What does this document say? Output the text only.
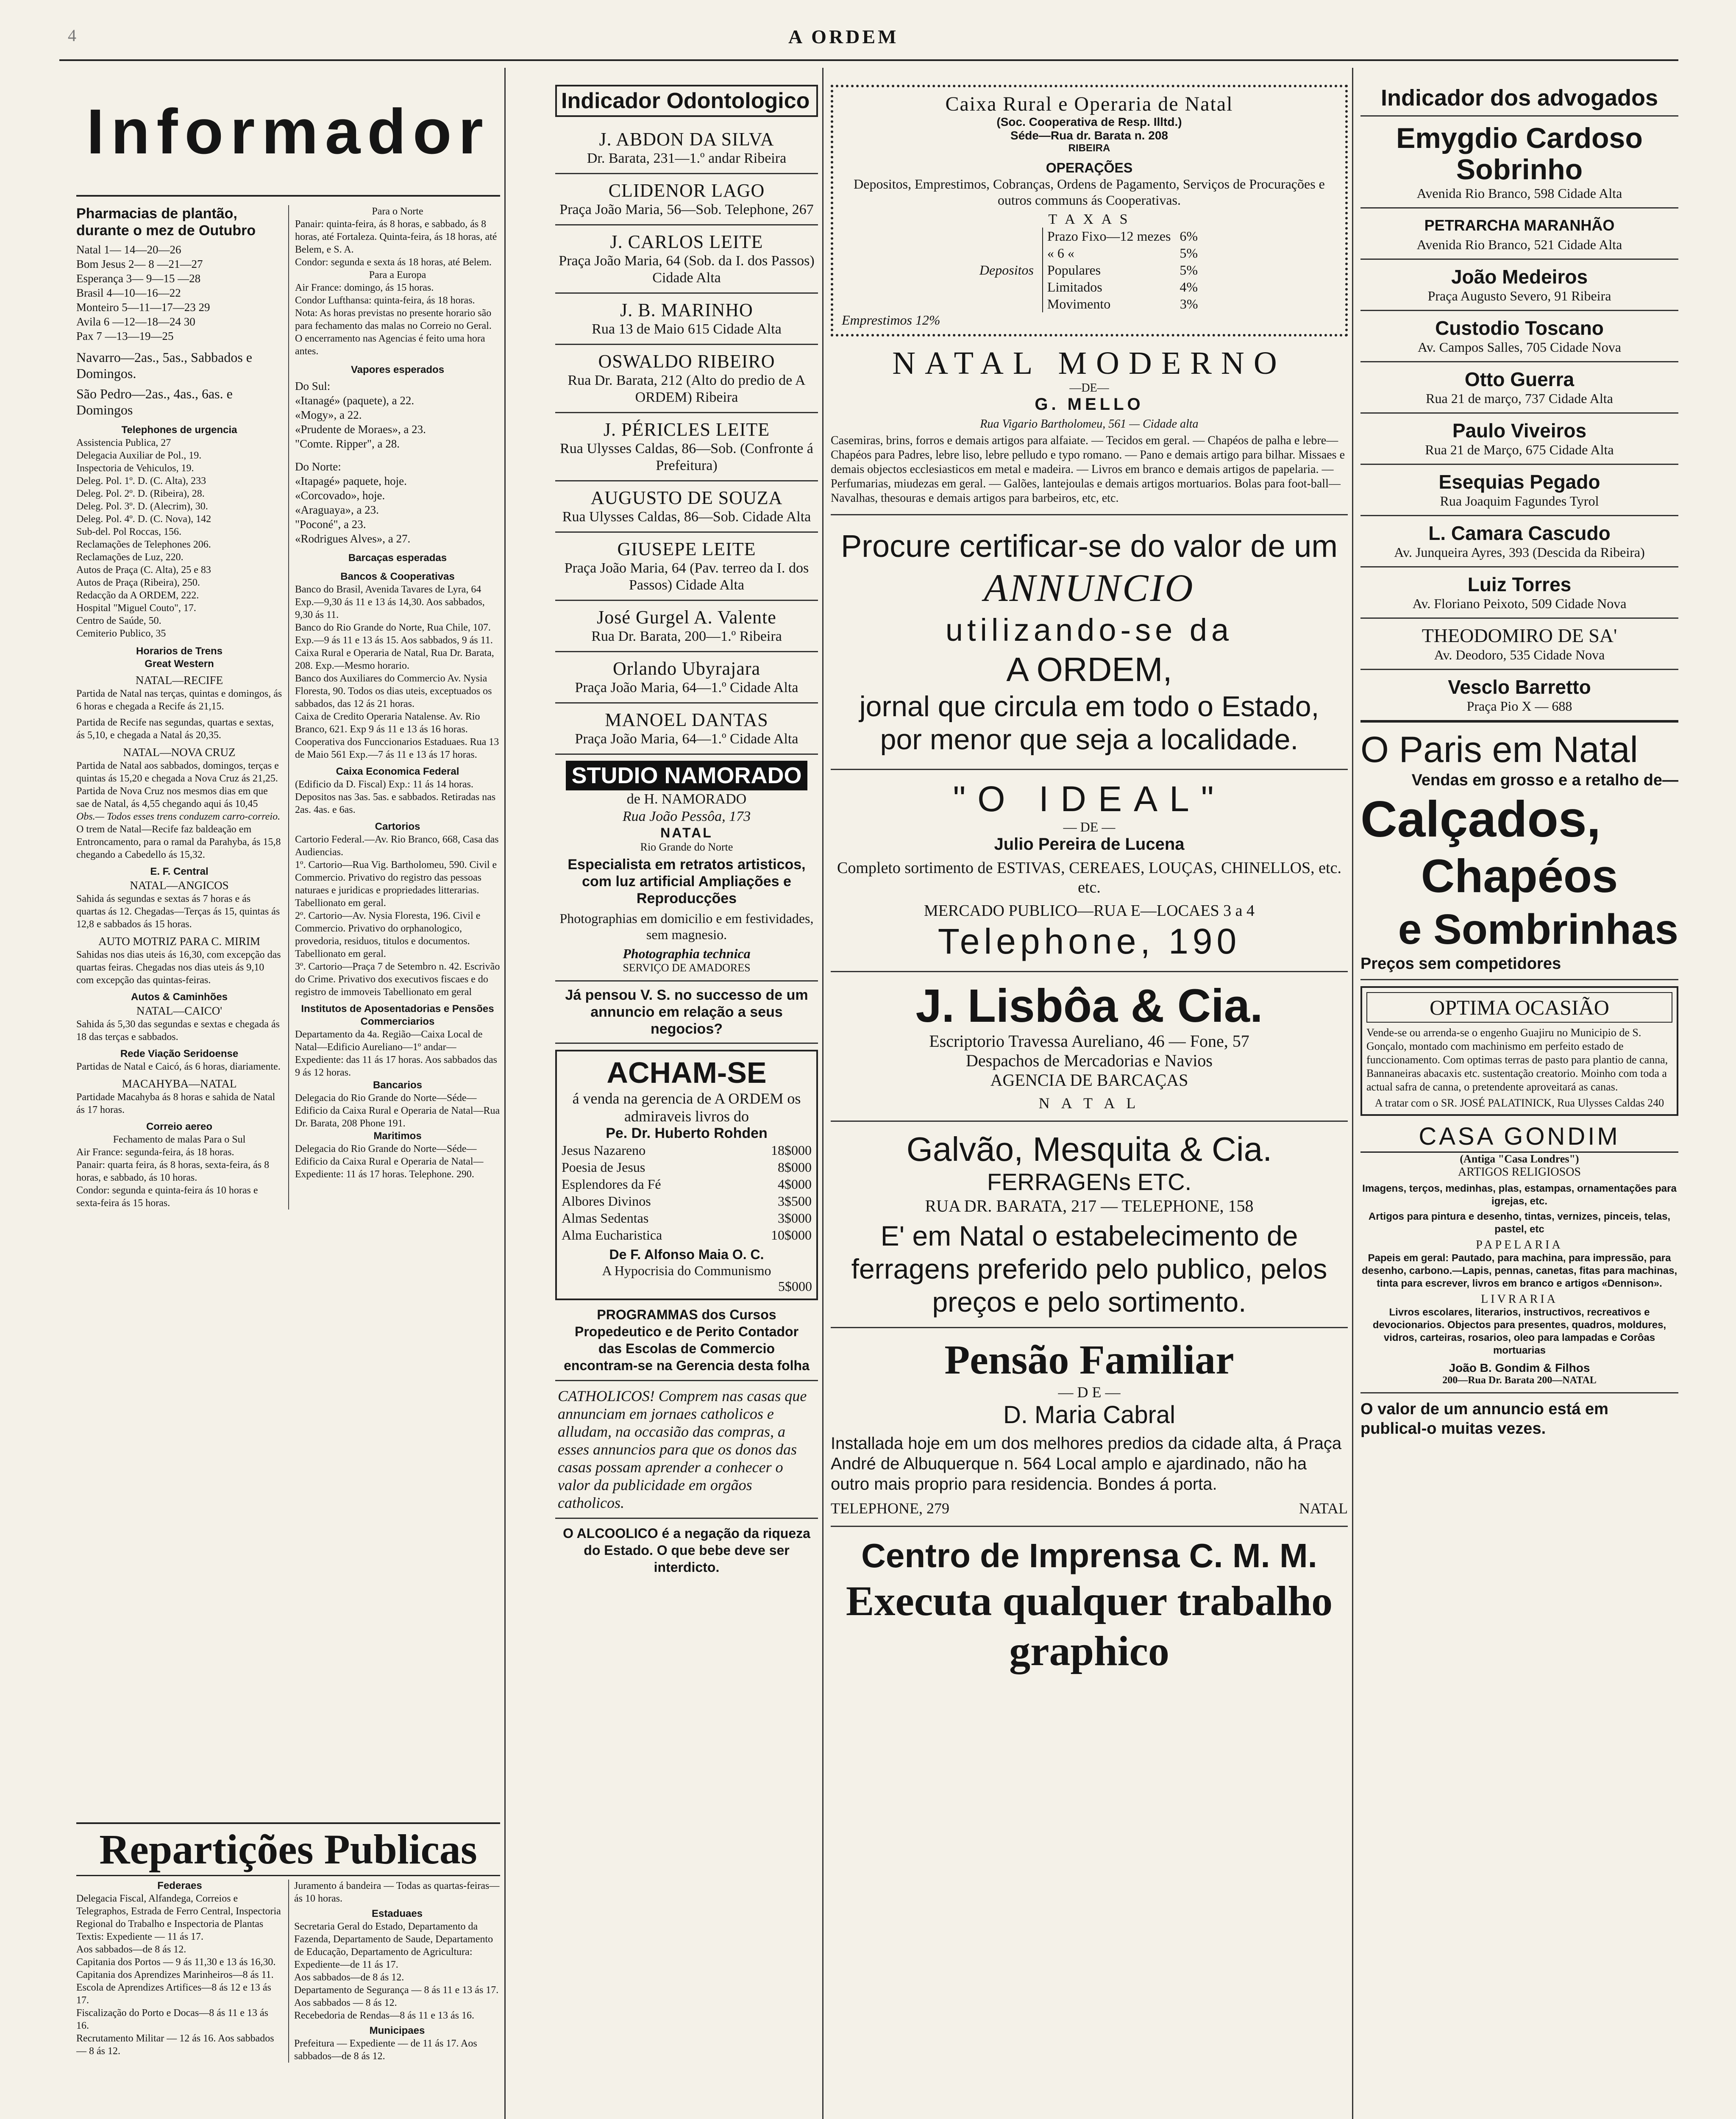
4	A ORDEM
Informador

Pharmacias de plantão, durante o mez de Outubro

Natal 1— 14—20—26
Bom Jesus 2— 8 —21—27
Esperança 3— 9—15 —28
Brasil 4—10—16—22
Monteiro 5—11—17—23 29
Avila 6 —12—18—24 30
Pax 7 —13—19—25

Navarro—2as., 5as., Sabbados e Domingos.

São Pedro—2as., 4as., 6as. e Domingos

Telephones de urgencia

Assistencia Publica, 27
Delegacia Auxiliar de Pol., 19.
Inspectoria de Vehiculos, 19.
Deleg. Pol. 1º. D. (C. Alta), 233
Deleg. Pol. 2º. D. (Ribeira), 28.
Deleg. Pol. 3º. D. (Alecrim), 30.
Deleg. Pol. 4º. D. (C. Nova), 142
Sub-del. Pol Roccas, 156.
Reclamações de Telephones 206.
Reclamações de Luz, 220.
Autos de Praça (C. Alta), 25 e 83
Autos de Praça (Ribeira), 250.
Redacção da A ORDEM, 222.
Hospital "Miguel Couto", 17.
Centro de Saúde, 50.
Cemiterio Publico, 35

Horarios de Trens

Great Western

NATAL—RECIFE

Partida de Natal nas terças, quintas e domingos, ás 6 horas e chegada a Recife ás 21,15.

Partida de Recife nas segundas, quartas e sextas, ás 5,10, e chegada a Natal ás 20,35.

NATAL—NOVA CRUZ

Partida de Natal aos sabbados, domingos, terças e quintas ás 15,20 e chegada a Nova Cruz ás 21,25. Partida de Nova Cruz nos mesmos dias em que sae de Natal, ás 4,55 chegando aqui ás 10,45

Obs.— Todos esses trens conduzem carro-correio.

O trem de Natal—Recife faz baldeação em Entroncamento, para o ramal da Parahyba, ás 15,8 chegando a Cabedello ás 15,32.

E. F. Central

NATAL—ANGICOS

Sahida ás segundas e sextas ás 7 horas e ás quartas ás 12. Chegadas—Terças ás 15, quintas ás 12,8 e sabbados ás 15 horas.

AUTO MOTRIZ PARA C. MIRIM

Sahidas nos dias uteis ás 16,30, com excepção das quartas feiras. Chegadas nos dias uteis ás 9,10 com excepção das quintas-feiras.

Autos & Caminhões

NATAL—CAICO'

Sahida ás 5,30 das segundas e sextas e chegada ás 18 das terças e sabbados.

Rede Viação Seridoense

Partidas de Natal e Caicó, ás 6 horas, diariamente.

MACAHYBA—NATAL

Partidade Macahyba ás 8 horas e sahida de Natal ás 17 horas.

Correio aereo

Fechamento de malas Para o Sul

Air France: segunda-feira, ás 18 horas.

Panair: quarta feira, ás 8 horas, sexta-feira, ás 8 horas, e sabbado, ás 10 horas.

Condor: segunda e quinta-feira ás 10 horas e sexta-feira ás 15 horas.

Para o Norte

Panair: quinta-feira, ás 8 horas, e sabbado, ás 8 horas, até Fortaleza. Quinta-feira, ás 18 horas, até Belem, e S. A.

Condor: segunda e sexta ás 18 horas, até Belem.

Para a Europa

Air France: domingo, ás 15 horas.

Condor Lufthansa: quinta-feira, ás 18 horas.

Nota: As horas previstas no presente horario são para fechamento das malas no Correio no Geral. O encerramento nas Agencias é feito uma hora antes.

Vapores esperados

Do Sul:
«Itanagé» (paquete), a 22.
«Mogy», a 22.
«Prudente de Moraes», a 23.
"Comte. Ripper", a 28.
Do Norte:
«Itapagé» paquete, hoje.
«Corcovado», hoje.
«Araguaya», a 23.
"Poconé", a 23.
«Rodrigues Alves», a 27.

Barcaças esperadas

Bancos & Cooperativas

Banco do Brasil, Avenida Tavares de Lyra, 64 Exp.—9,30 ás 11 e 13 ás 14,30. Aos sabbados, 9,30 ás 11.

Banco do Rio Grande do Norte, Rua Chile, 107. Exp.—9 ás 11 e 13 ás 15. Aos sabbados, 9 ás 11.

Caixa Rural e Operaria de Natal, Rua Dr. Barata, 208. Exp.—Mesmo horario.

Banco dos Auxiliares do Commercio Av. Nysia Floresta, 90. Todos os dias uteis, exceptuados os sabbados, das 12 ás 21 horas.

Caixa de Credito Operaria Natalense. Av. Rio Branco, 621. Exp 9 ás 11 e 13 ás 16 horas.

Cooperativa dos Funccionarios Estaduaes. Rua 13 de Maio 561 Exp.—7 ás 11 e 13 ás 17 horas.

Caixa Economica Federal

(Edificio da D. Fiscal) Exp.: 11 ás 14 horas. Depositos nas 3as. 5as. e sabbados. Retiradas nas 2as. 4as. e 6as.

Cartorios

Cartorio Federal.—Av. Rio Branco, 668, Casa das Audiencias.

1º. Cartorio—Rua Vig. Bartholomeu, 590. Civil e Commercio. Privativo do registro das pessoas naturaes e juridicas e propriedades litterarias. Tabellionato em geral.

2º. Cartorio—Av. Nysia Floresta, 196. Civil e Commercio. Privativo do orphanologico, provedoria, residuos, titulos e documentos. Tabellionato em geral.

3º. Cartorio—Praça 7 de Setembro n. 42. Escrivão do Crime. Privativo dos executivos fiscaes e do registro de immoveis Tabellionato em geral

Institutos de Aposentadorias e Pensões

Commerciarios

Departamento da 4a. Região—Caixa Local de Natal—Edificio Aurelianо—1º andar—Expediente: das 11 ás 17 horas. Aos sabbados das 9 ás 12 horas.

Bancarios

Delegacia do Rio Grande do Norte—Séde—Edificio da Caixa Rural e Operaria de Natal—Rua Dr. Barata, 208 Phone 191.

Maritimos

Delegacia do Rio Grande do Norte—Séde—Edificio da Caixa Rural e Operaria de Natal—Expediente: 11 ás 17 horas. Telephone. 290.

Repartições Publicas

Federaes

Delegacia Fiscal, Alfandega, Correios e Telegraphos, Estrada de Ferro Central, Inspectoria Regional do Trabalho e Inspectoria de Plantas Textis: Expediente — 11 ás 17.

Aos sabbados—de 8 ás 12.

Capitania dos Portos — 9 ás 11,30 e 13 ás 16,30.

Capitania dos Aprendizes Marinheiros—8 ás 11.

Escola de Aprendizes Artifices—8 ás 12 e 13 ás 17.

Fiscalização do Porto e Docas—8 ás 11 e 13 ás 16.

Recrutamento Militar — 12 ás 16. Aos sabbados — 8 ás 12.

Juramento á bandeira — Todas as quartas-feiras—ás 10 horas.

Estaduaes

Secretaria Geral do Estado, Departamento da Fazenda, Departamento de Saude, Departamento de Educação, Departamento de Agricultura:

Expediente—de 11 ás 17.

Aos sabbados—de 8 ás 12.

Departamento de Segurança — 8 ás 11 e 13 ás 17. Aos sabbados — 8 ás 12.

Recebedoria de Rendas—8 ás 11 e 13 ás 16.

Municipaes

Prefeitura — Expediente — de 11 ás 17. Aos sabbados—de 8 ás 12.

Indicador Odontologico

J. ABDON DA SILVA

Dr. Barata, 231—1.º andar Ribeira

CLIDENOR LAGO

Praça João Maria, 56—Sob. Telephone, 267

J. CARLOS LEITE

Praça João Maria, 64 (Sob. da I. dos Passos) Cidade Alta

J. B. MARINHO

Rua 13 de Maio 615 Cidade Alta

OSWALDO RIBEIRO

Rua Dr. Barata, 212 (Alto do predio de A ORDEM) Ribeira

J. PÉRICLES LEITE

Rua Ulysses Caldas, 86—Sob. (Confronte á Prefeitura)

AUGUSTO DE SOUZA

Rua Ulysses Caldas, 86—Sob. Cidade Alta

GIUSEPE LEITE

Praça João Maria, 64 (Pav. terreo da I. dos Passos) Cidade Alta

José Gurgel A. Valente

Rua Dr. Barata, 200—1.º Ribeira

Orlando Ubyrajara

Praça João Maria, 64—1.º Cidade Alta

MANOEL DANTAS

Praça João Maria, 64—1.º Cidade Alta

STUDIO NAMORADO

de H. NAMORADO

Rua João Pessôa, 173

NATAL

Rio Grande do Norte

Especialista em retratos artisticos, com luz artificial Ampliações e Reproducções

Photographias em domicilio e em festividades, sem magnesio.

Photographia technica

SERVIÇO DE AMADORES

Já pensou V. S. no successo de um annuncio em relação a seus negocios?

ACHAM-SE

á venda na gerencia de A ORDEM os admiraveis livros do

Pe. Dr. Huberto Rohden

Jesus Nazareno	18$000
Poesia de Jesus	8$000
Esplendores da Fé	4$000
Albores Divinos	3$500
Almas Sedentas	3$000
Alma Eucharistica	10$000

De F. Alfonso Maia O. C.

A Hypocrisia do Communismo

5$000

PROGRAMMAS dos Cursos Propedeutico e de Perito Contador das Escolas de Commercio encontram-se na Gerencia desta folha

CATHOLICOS! Comprem nas casas que annunciam em jornaes catholicos e alludam, na occasião das compras, a esses annuncios para que os donos das casas possam aprender a conhecer o valor da publicidade em orgãos catholicos.

O ALCOOLICO é a negação da riqueza do Estado. O que bebe deve ser interdicto.

Caixa Rural e Operaria de Natal

(Soc. Cooperativa de Resp. Illtd.)

Séde—Rua dr. Barata n. 208

RIBEIRA

OPERAÇÕES

Depositos, Emprestimos, Cobranças, Ordens de Pagamento, Serviços de Procurações e outros communs ás Cooperativas.

T A X A S

Depositos

Prazo Fixo—12 mezes	6%
« 6 «	5%
Populares	5%
Limitados	4%
Movimento	3%

Emprestimos 12%

NATAL MODERNO

—DE—

G. MELLO

Rua Vigario Bartholomeu, 561 — Cidade alta

Casemiras, brins, forros e demais artigos para alfaiate. — Tecidos em geral. — Chapéos de palha e lebre—Chapéos para Padres, lebre liso, lebre pelludo e typo romano. — Pano e demais artigo para bilhar. Missaes e demais objectos ecclesiasticos em metal e madeira. — Livros em branco e demais artigos de papelaria. — Perfumarias, miudezas em geral. — Galões, lantejoulas e demais artigos mortuarios. Bolas para foot-ball—Navalhas, thesouras e demais artigos para barbeiros, etc, etc.

Procure certificar-se do valor de um

ANNUNCIO

utilizando-se da

A ORDEM,

jornal que circula em todo o Estado, por menor que seja a localidade.

"O IDEAL"

— DE —

Julio Pereira de Lucena

Completo sortimento de ESTIVAS, CEREAES, LOUÇAS, CHINELLOS, etc. etc.

MERCADO PUBLICO—RUA E—LOCAES 3 a 4

Telephone, 190

J. Lisbôa & Cia.

Escriptorio Travessa Aureliano, 46 — Fone, 57

Despachos de Mercadorias e Navios

AGENCIA DE BARCAÇAS

N A T A L

Galvão, Mesquita & Cia.

FERRAGENs ETC.

RUA DR. BARATA, 217 — TELEPHONE, 158

E' em Natal o estabelecimento de ferragens preferido pelo publico, pelos preços e pelo sortimento.

Pensão Familiar

— D E —

D. Maria Cabral

Installada hoje em um dos melhores predios da cidade alta, á Praça André de Albuquerque n. 564 Local amplo e ajardinado, não ha outro mais proprio para residencia. Bondes á porta.

TELEPHONE, 279	NATAL

Centro de Imprensa C. M. M.

Executa qualquer trabalho graphico

Indicador dos advogados

Emygdio Cardoso Sobrinho

Avenida Rio Branco, 598 Cidade Alta

PETRARCHA MARANHÃO

Avenida Rio Branco, 521 Cidade Alta

João Medeiros

Praça Augusto Severo, 91 Ribeira

Custodio Toscano

Av. Campos Salles, 705 Cidade Nova

Otto Guerra

Rua 21 de março, 737 Cidade Alta

Paulo Viveiros

Rua 21 de Março, 675 Cidade Alta

Esequias Pegado

Rua Joaquim Fagundes Tyrol

L. Camara Cascudo

Av. Junqueira Ayres, 393 (Descida da Ribeira)

Luiz Torres

Av. Floriano Peixoto, 509 Cidade Nova

THEODOMIRO DE SA'

Av. Deodoro, 535 Cidade Nova

Vesclo Barretto

Praça Pio X — 688

O Paris em Natal

Vendas em grosso e a retalho de—

Calçados,

Chapéos

e Sombrinhas

Preços sem competidores

OPTIMA OCASIÃO

Vende-se ou arrenda-se o engenho Guajiru no Municipio de S. Gonçalo, montado com machinismo em perfeito estado de funccionamento. Com optimas terras de pasto para plantio de canna, Bannaneiras abacaxis etc. sustentação creatorio. Moinho com toda a actual safra de canna, o pretendente aproveitará as canas.

A tratar com o SR. JOSÉ PALATINICK, Rua Ulysses Caldas 240

CASA GONDIM

(Antiga "Casa Londres")

ARTIGOS RELIGIOSOS

Imagens, terços, medinhas, plas, estampas, ornamentações para igrejas, etc.

Artigos para pintura e desenho, tintas, vernizes, pinceis, telas, pastel, etc

PAPELARIA

Papeis em geral: Pautado, para machina, para impressão, para desenho, carbono.—Lapis, pennas, canetas, fitas para machinas, tinta para escrever, livros em branco e artigos «Dennison».

LIVRARIA

Livros escolares, literarios, instructivos, recreativos e devocionarios. Objectos para presentes, quadros, moldures, vidros, carteiras, rosarios, oleo para lampadas e Corôas mortuarias

João B. Gondim & Filhos

200—Rua Dr. Barata 200—NATAL

O valor de um annuncio está em publical-o muitas vezes.
